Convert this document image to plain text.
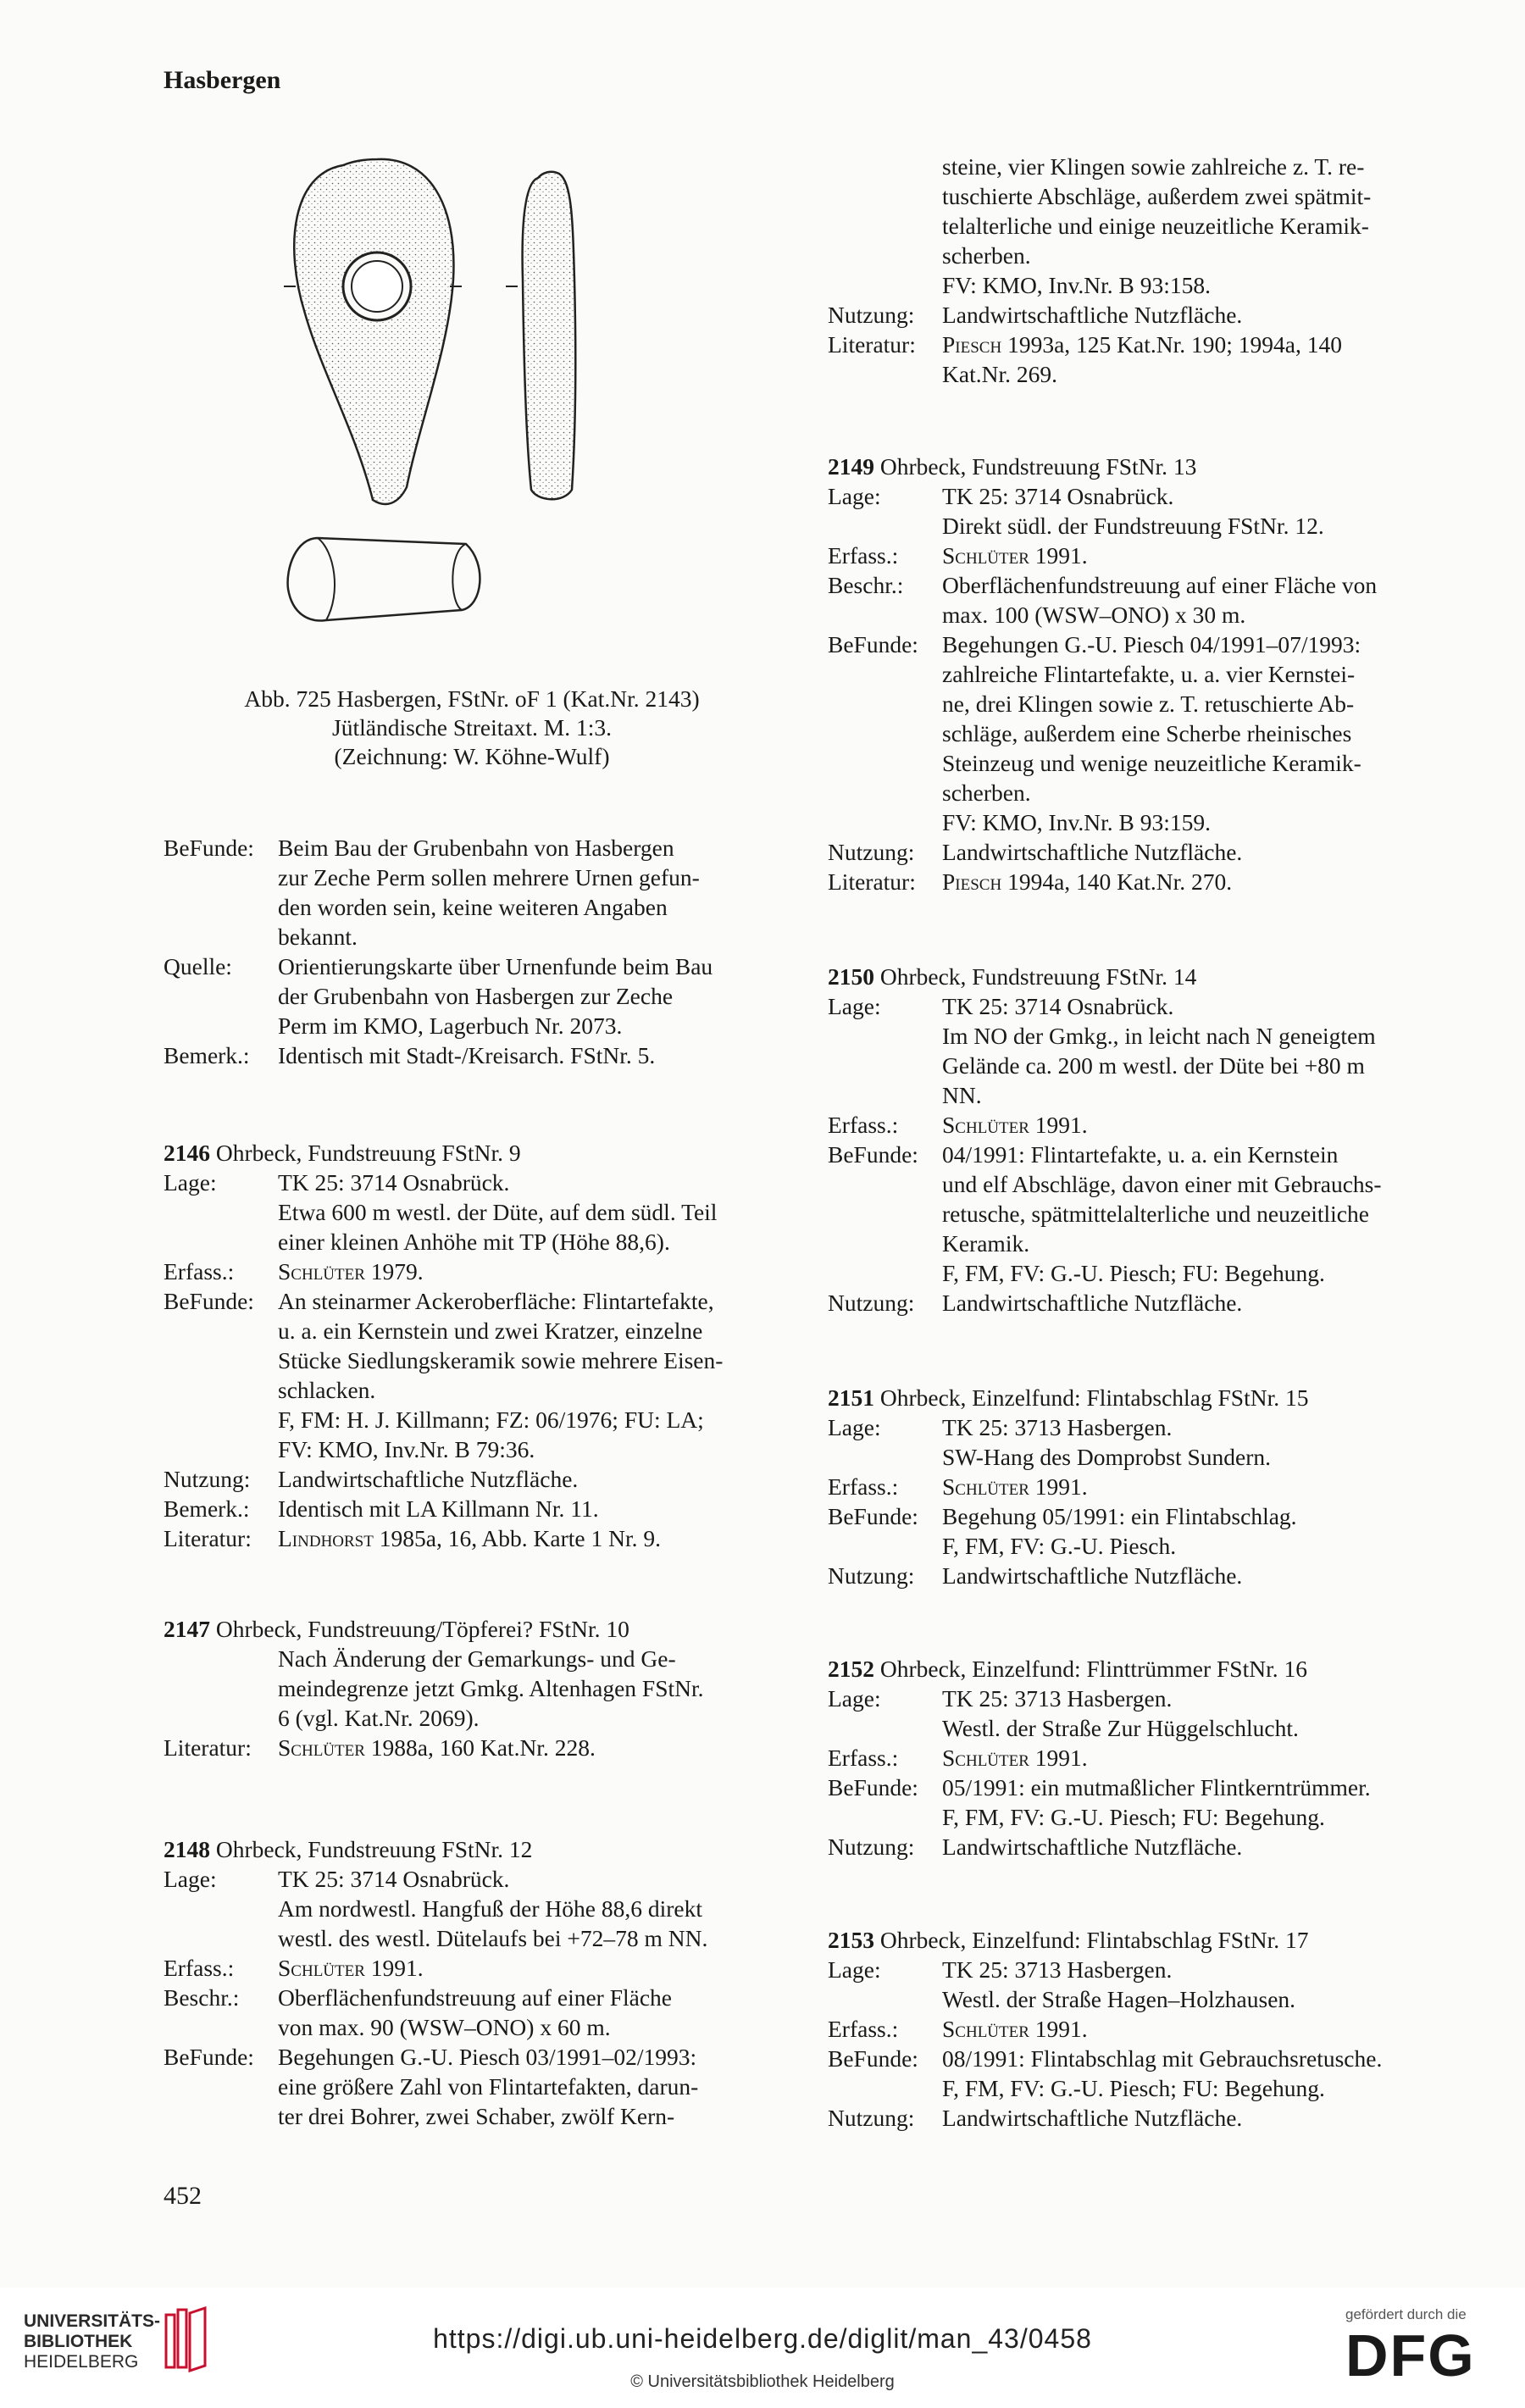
Hasbergen
Abb. 725 Hasbergen, FStNr. oF 1 (Kat.Nr. 2143)
Jütländische Streitaxt. M. 1:3.
(Zeichnung: W. Köhne-Wulf)
BeFunde:	Beim Bau der Grubenbahn von Hasbergen
zur Zeche Perm sollen mehrere Urnen gefun-
den worden sein, keine weiteren Angaben
bekannt.
Quelle:	Orientierungskarte über Urnenfunde beim Bau
der Grubenbahn von Hasbergen zur Zeche
Perm im KMO, Lagerbuch Nr. 2073.
Bemerk.:	Identisch mit Stadt-/Kreisarch. FStNr. 5.
2146 Ohrbeck, Fundstreuung FStNr. 9
Lage:	TK 25: 3714 Osnabrück.
Etwa 600 m westl. der Düte, auf dem südl. Teil
einer kleinen Anhöhe mit TP (Höhe 88,6).
Erfass.:	Schlüter 1979.
BeFunde:	An steinarmer Ackeroberfläche: Flintartefakte,
u. a. ein Kernstein und zwei Kratzer, einzelne
Stücke Siedlungskeramik sowie mehrere Eisen-
schlacken.
F, FM: H. J. Killmann; FZ: 06/1976; FU: LA;
FV: KMO, Inv.Nr. B 79:36.
Nutzung:	Landwirtschaftliche Nutzfläche.
Bemerk.:	Identisch mit LA Killmann Nr. 11.
Literatur:	Lindhorst 1985a, 16, Abb. Karte 1 Nr. 9.
2147 Ohrbeck, Fundstreuung/Töpferei? FStNr. 10
Nach Änderung der Gemarkungs- und Ge-
meindegrenze jetzt Gmkg. Altenhagen FStNr.
6 (vgl. Kat.Nr. 2069).
Literatur:	Schlüter 1988a, 160 Kat.Nr. 228.
2148 Ohrbeck, Fundstreuung FStNr. 12
Lage:	TK 25: 3714 Osnabrück.
Am nordwestl. Hangfuß der Höhe 88,6 direkt
westl. des westl. Dütelaufs bei +72–78 m NN.
Erfass.:	Schlüter 1991.
Beschr.:	Oberflächenfundstreuung auf einer Fläche
von max. 90 (WSW–ONO) x 60 m.
BeFunde:	Begehungen G.-U. Piesch 03/1991–02/1993:
eine größere Zahl von Flintartefakten, darun-
ter drei Bohrer, zwei Schaber, zwölf Kern-
steine, vier Klingen sowie zahlreiche z. T. re-
tuschierte Abschläge, außerdem zwei spätmit-
telalterliche und einige neuzeitliche Keramik-
scherben.
FV: KMO, Inv.Nr. B 93:158.
Nutzung:	Landwirtschaftliche Nutzfläche.
Literatur:	Piesch 1993a, 125 Kat.Nr. 190; 1994a, 140
Kat.Nr. 269.
2149 Ohrbeck, Fundstreuung FStNr. 13
Lage:	TK 25: 3714 Osnabrück.
Direkt südl. der Fundstreuung FStNr. 12.
Erfass.:	Schlüter 1991.
Beschr.:	Oberflächenfundstreuung auf einer Fläche von
max. 100 (WSW–ONO) x 30 m.
BeFunde:	Begehungen G.-U. Piesch 04/1991–07/1993:
zahlreiche Flintartefakte, u. a. vier Kernstei-
ne, drei Klingen sowie z. T. retuschierte Ab-
schläge, außerdem eine Scherbe rheinisches
Steinzeug und wenige neuzeitliche Keramik-
scherben.
FV: KMO, Inv.Nr. B 93:159.
Nutzung:	Landwirtschaftliche Nutzfläche.
Literatur:	Piesch 1994a, 140 Kat.Nr. 270.
2150 Ohrbeck, Fundstreuung FStNr. 14
Lage:	TK 25: 3714 Osnabrück.
Im NO der Gmkg., in leicht nach N geneigtem
Gelände ca. 200 m westl. der Düte bei +80 m
NN.
Erfass.:	Schlüter 1991.
BeFunde:	04/1991: Flintartefakte, u. a. ein Kernstein
und elf Abschläge, davon einer mit Gebrauchs-
retusche, spätmittelalterliche und neuzeitliche
Keramik.
F, FM, FV: G.-U. Piesch; FU: Begehung.
Nutzung:	Landwirtschaftliche Nutzfläche.
2151 Ohrbeck, Einzelfund: Flintabschlag FStNr. 15
Lage:	TK 25: 3713 Hasbergen.
SW-Hang des Domprobst Sundern.
Erfass.:	Schlüter 1991.
BeFunde:	Begehung 05/1991: ein Flintabschlag.
F, FM, FV: G.-U. Piesch.
Nutzung:	Landwirtschaftliche Nutzfläche.
2152 Ohrbeck, Einzelfund: Flinttrümmer FStNr. 16
Lage:	TK 25: 3713 Hasbergen.
Westl. der Straße Zur Hüggelschlucht.
Erfass.:	Schlüter 1991.
BeFunde:	05/1991: ein mutmaßlicher Flintkerntrümmer.
F, FM, FV: G.-U. Piesch; FU: Begehung.
Nutzung:	Landwirtschaftliche Nutzfläche.
2153 Ohrbeck, Einzelfund: Flintabschlag FStNr. 17
Lage:	TK 25: 3713 Hasbergen.
Westl. der Straße Hagen–Holzhausen.
Erfass.:	Schlüter 1991.
BeFunde:	08/1991: Flintabschlag mit Gebrauchsretusche.
F, FM, FV: G.-U. Piesch; FU: Begehung.
Nutzung:	Landwirtschaftliche Nutzfläche.
452
UNIVERSITÄTS-
BIBLIOTHEK
HEIDELBERG
https://digi.ub.uni-heidelberg.de/diglit/man_43/0458
© Universitätsbibliothek Heidelberg
gefördert durch die
DFG
